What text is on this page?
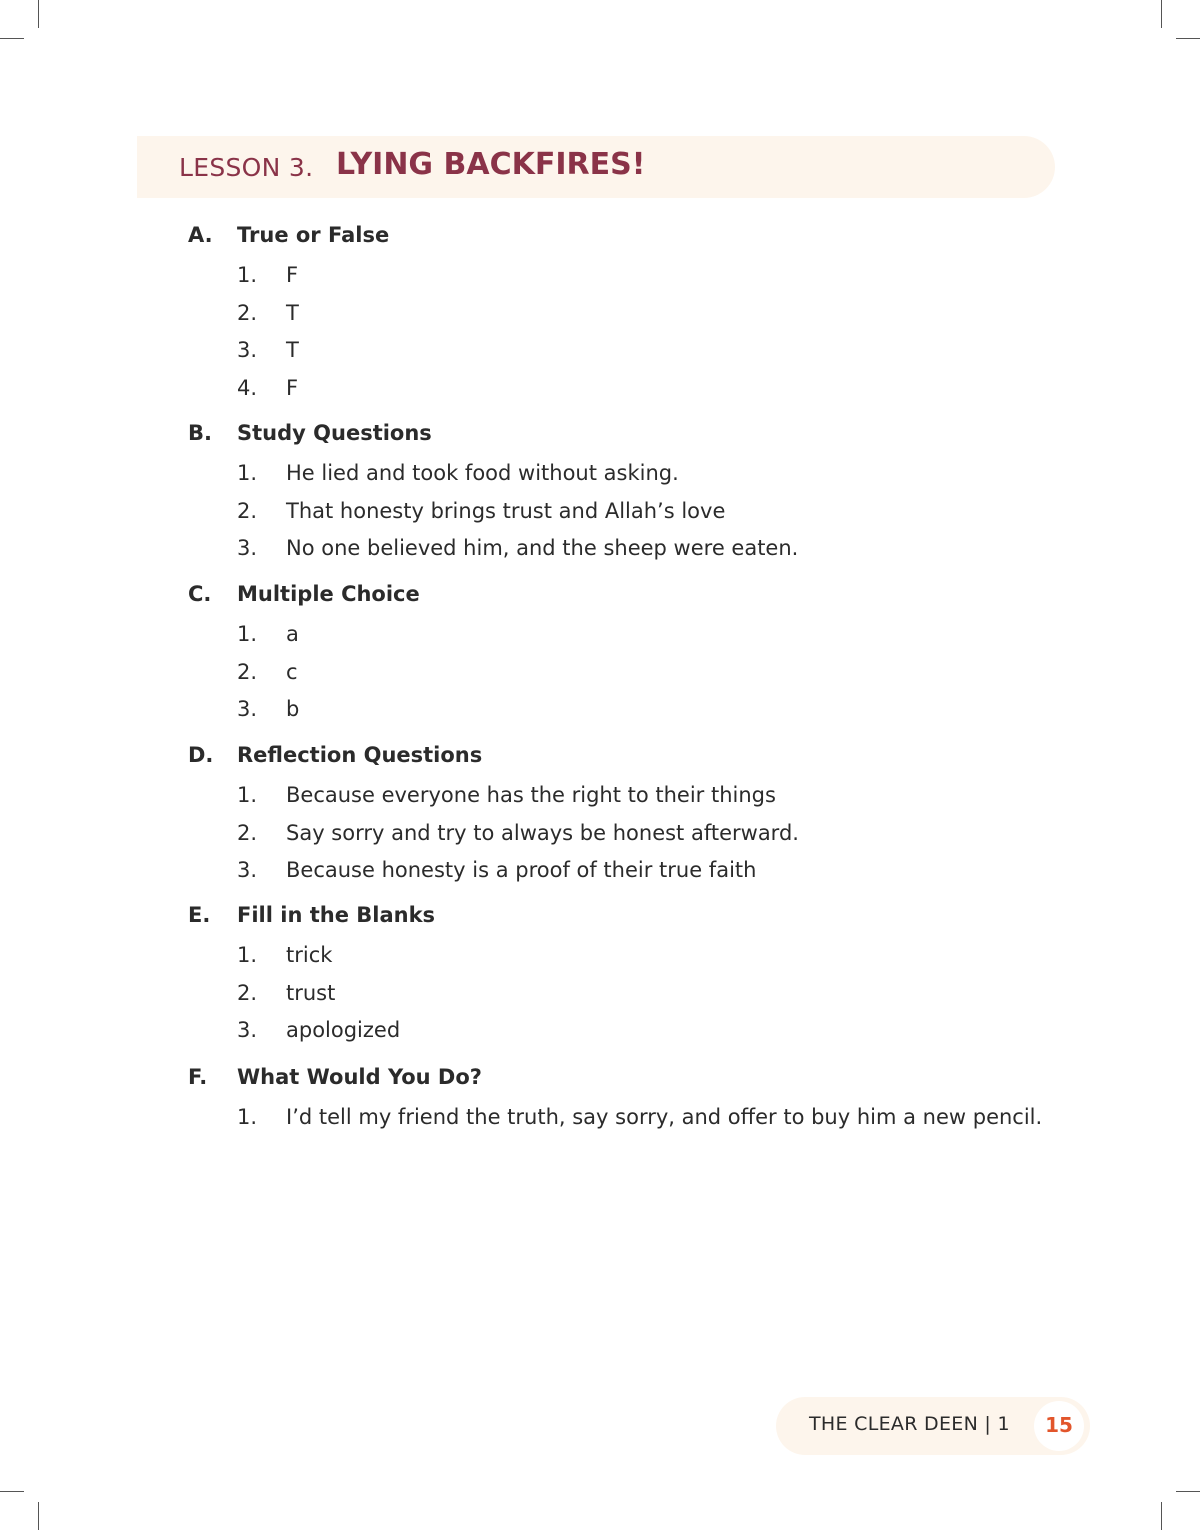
LESSON 3. LYING BACKFIRES!
A. True or False
1. F
2. T
3. T
4. F
B. Study Questions
1. He lied and took food without asking.
2. That honesty brings trust and Allah’s love
3. No one believed him, and the sheep were eaten.
C. Multiple Choice
1. a
2. c
3. b
D. Reflection Questions
1. Because everyone has the right to their things
2. Say sorry and try to always be honest afterward.
3. Because honesty is a proof of their true faith
E. Fill in the Blanks
1. trick
2. trust
3. apologized
F. What Would You Do?
1. I’d tell my friend the truth, say sorry, and offer to buy him a new pencil.
THE CLEAR DEEN | 1	15
